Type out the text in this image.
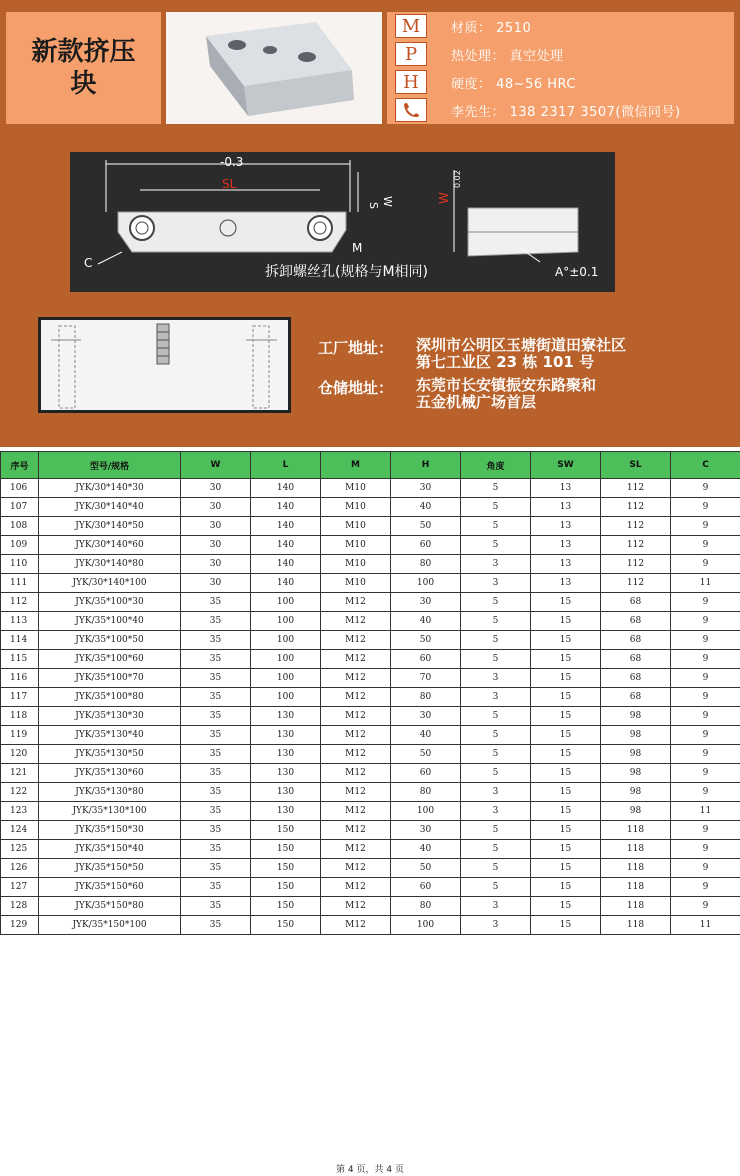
新款挤压块
M	材质： 2510
P	热处理： 真空处理
H	硬度： 48~56 HRC
李先生： 138 2317 3507(微信同号)
-0.3
SL
S W
M
C
拆卸螺丝孔(规格与M相同)
W
0.02
A°±0.1
工厂地址：	深圳市公明区玉塘街道田寮社区
第七工业区 23 栋 101 号
仓储地址：	东莞市长安镇振安东路聚和
五金机械广场首层
序号	型号/规格	W	L	M	H	角度	SW	SL	C
106	JYK/30*140*30	30	140	M10	30	5	13	112	9
107	JYK/30*140*40	30	140	M10	40	5	13	112	9
108	JYK/30*140*50	30	140	M10	50	5	13	112	9
109	JYK/30*140*60	30	140	M10	60	5	13	112	9
110	JYK/30*140*80	30	140	M10	80	3	13	112	9
111	JYK/30*140*100	30	140	M10	100	3	13	112	11
112	JYK/35*100*30	35	100	M12	30	5	15	68	9
113	JYK/35*100*40	35	100	M12	40	5	15	68	9
114	JYK/35*100*50	35	100	M12	50	5	15	68	9
115	JYK/35*100*60	35	100	M12	60	5	15	68	9
116	JYK/35*100*70	35	100	M12	70	3	15	68	9
117	JYK/35*100*80	35	100	M12	80	3	15	68	9
118	JYK/35*130*30	35	130	M12	30	5	15	98	9
119	JYK/35*130*40	35	130	M12	40	5	15	98	9
120	JYK/35*130*50	35	130	M12	50	5	15	98	9
121	JYK/35*130*60	35	130	M12	60	5	15	98	9
122	JYK/35*130*80	35	130	M12	80	3	15	98	9
123	JYK/35*130*100	35	130	M12	100	3	15	98	11
124	JYK/35*150*30	35	150	M12	30	5	15	118	9
125	JYK/35*150*40	35	150	M12	40	5	15	118	9
126	JYK/35*150*50	35	150	M12	50	5	15	118	9
127	JYK/35*150*60	35	150	M12	60	5	15	118	9
128	JYK/35*150*80	35	150	M12	80	3	15	118	9
129	JYK/35*150*100	35	150	M12	100	3	15	118	11
第 4 页，共 4 页
